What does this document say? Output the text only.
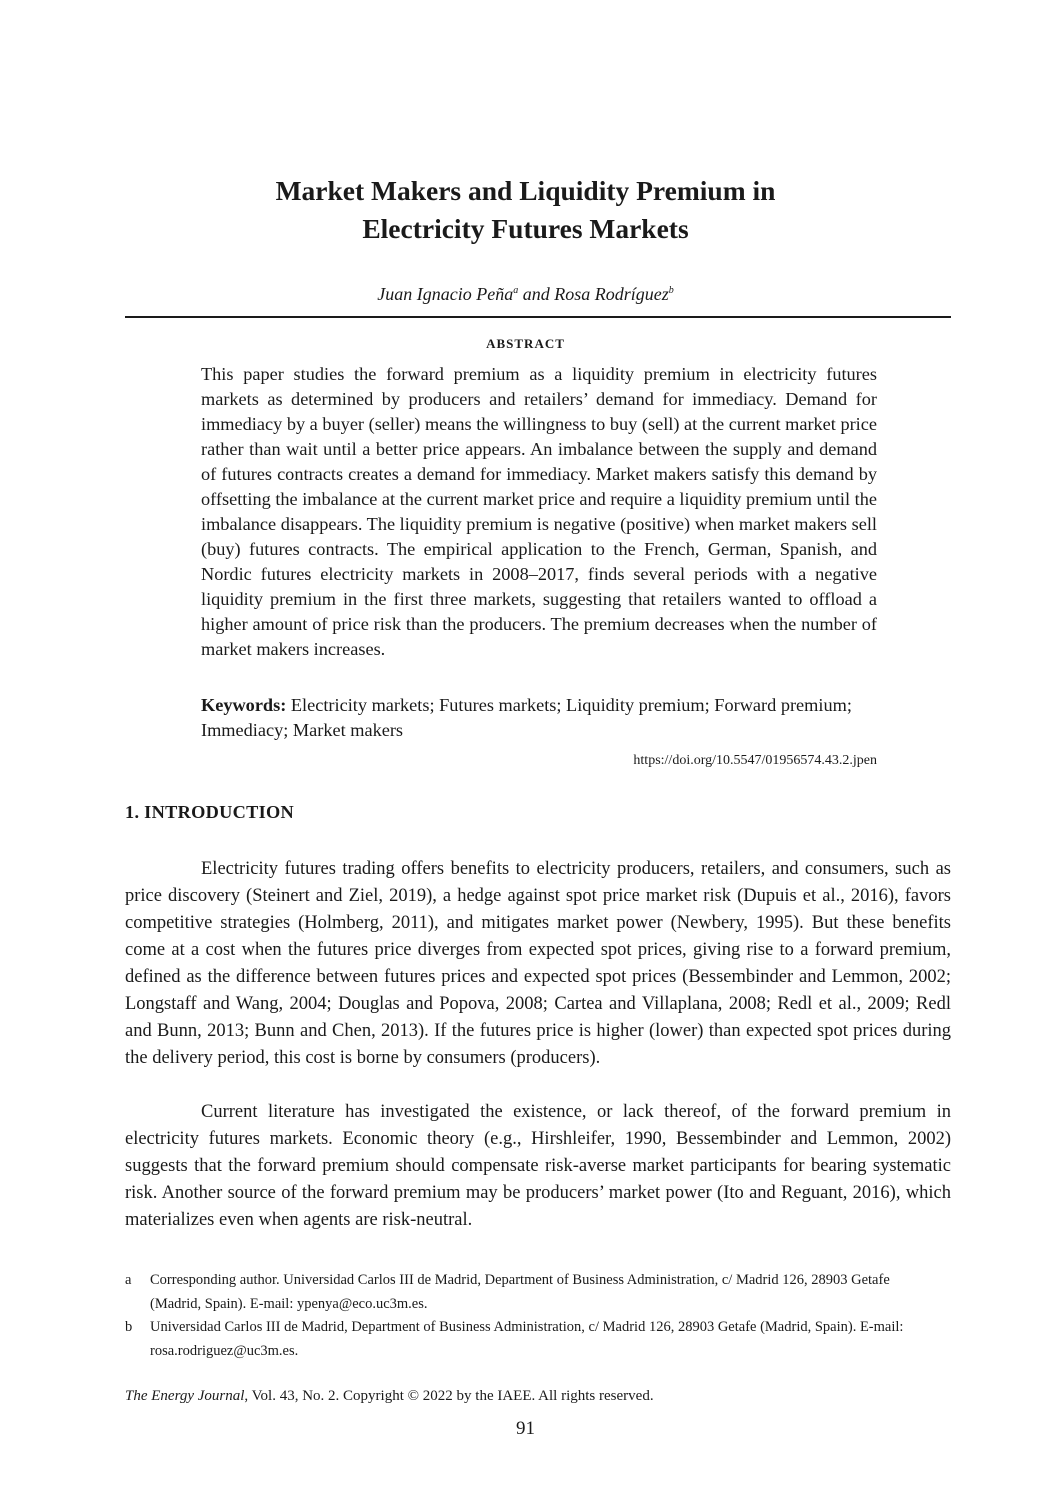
Market Makers and Liquidity Premium in
Electricity Futures Markets
Juan Ignacio Peña$^a$ and Rosa Rodríguez$^b$
ABSTRACT

This paper studies the forward premium as a liquidity premium in electricity futures markets as determined by producers and retailers’ demand for immediacy. Demand for immediacy by a buyer (seller) means the willingness to buy (sell) at the current market price rather than wait until a better price appears. An imbalance between the supply and demand of futures contracts creates a demand for immediacy. Market makers satisfy this demand by offsetting the imbalance at the current market price and require a liquidity premium until the imbalance disappears. The liquidity premium is negative (positive) when market makers sell (buy) futures contracts. The empirical application to the French, German, Spanish, and Nordic futures electricity markets in 2008–2017, finds several periods with a negative liquidity premium in the first three markets, suggesting that retailers wanted to offload a higher amount of price risk than the producers. The premium decreases when the number of market makers increases.

Keywords: Electricity markets; Futures markets; Liquidity premium; Forward premium; Immediacy; Market makers

https://doi.org/10.5547/01956574.43.2.jpen
1. INTRODUCTION

Electricity futures trading offers benefits to electricity producers, retailers, and consumers, such as price discovery (Steinert and Ziel, 2019), a hedge against spot price market risk (Dupuis et al., 2016), favors competitive strategies (Holmberg, 2011), and mitigates market power (Newbery, 1995). But these benefits come at a cost when the futures price diverges from expected spot prices, giving rise to a forward premium, defined as the difference between futures prices and expected spot prices (Bessembinder and Lemmon, 2002; Longstaff and Wang, 2004; Douglas and Popova, 2008; Cartea and Villaplana, 2008; Redl et al., 2009; Redl and Bunn, 2013; Bunn and Chen, 2013). If the futures price is higher (lower) than expected spot prices during the delivery period, this cost is borne by consumers (producers).

Current literature has investigated the existence, or lack thereof, of the forward premium in electricity futures markets. Economic theory (e.g., Hirshleifer, 1990, Bessembinder and Lemmon, 2002) suggests that the forward premium should compensate risk-averse market participants for bearing systematic risk. Another source of the forward premium may be producers’ market power (Ito and Reguant, 2016), which materializes even when agents are risk-neutral.

a	Corresponding author. Universidad Carlos III de Madrid, Department of Business Administration, c/ Madrid 126, 28903 Getafe (Madrid, Spain). E-mail: ypenya@eco.uc3m.es.
b	Universidad Carlos III de Madrid, Department of Business Administration, c/ Madrid 126, 28903 Getafe (Madrid, Spain). E-mail: rosa.rodriguez@uc3m.es.
The Energy Journal, Vol. 43, No. 2. Copyright © 2022 by the IAEE. All rights reserved.
91
